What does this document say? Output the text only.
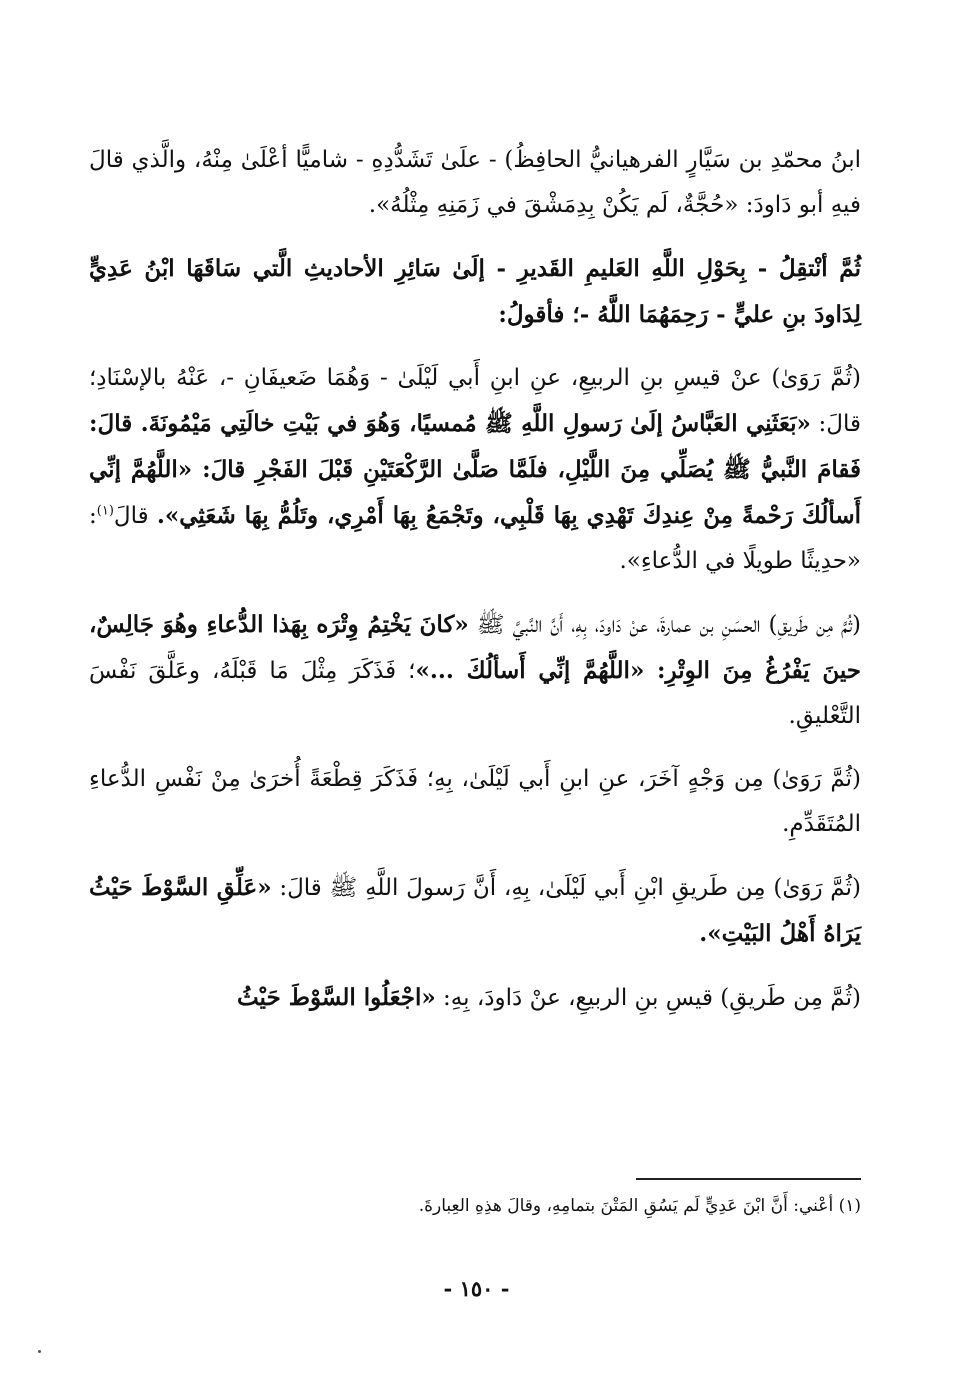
ابنُ محمّدِ بن سَيَّارٍ الفرهيانيُّ الحافِظُ) - علَىٰ تَشَدُّدِهِ - شاميًّا أعْلَىٰ مِنْهُ، والَّذي قالَ فيهِ أبو دَاودَ: «حُجَّةٌ، لَم يَكُنْ بِدِمَشْقَ في زَمَنِهِ مِثْلُهُ».

ثُمَّ أنْتقِلُ - بِحَوْلِ اللَّهِ العَليمِ القَديرِ - إلَىٰ سَائِرِ الأحاديثِ الَّتي سَاقَهَا ابْنُ عَدِيٍّ لِدَاودَ بنِ عليٍّ - رَحِمَهُمَا اللَّهُ -؛ فأقولُ:

(ثُمَّ رَوَىٰ) عنْ قيسِ بنِ الربيعِ، عنِ ابنِ أَبي لَيْلَىٰ - وَهُمَا ضَعيفَانِ -، عَنْهُ بالإسْنَادِ؛ قالَ: «بَعَثَنِي العَبَّاسُ إلَىٰ رَسولِ اللَّهِ ﷺ مُمسيًا، وَهُوَ في بَيْتِ خالَتِي مَيْمُونَةَ. قالَ: فَقامَ النَّبيُّ ﷺ يُصَلِّي مِنَ اللَّيْلِ، فلَمَّا صَلَّىٰ الرَّكْعَتَيْنِ قَبْلَ الفَجْرِ قالَ: «اللَّهُمَّ إنِّي أَسألُكَ رَحْمةً مِنْ عِندِكَ تَهْدِي بِهَا قَلْبِي، وتَجْمَعُ بِهَا أَمْرِي، وتَلُمُّ بِهَا شَعَثِي». قالَ$^{(١)}$: «حدِيثًا طويلًا في الدُّعاءِ».

(ثُمَّ مِن طَريقِ) الحسَنِ بن عمارةَ، عنْ دَاودَ، بِهِ، أَنَّ النَّبيَّ ﷺ «كانَ يَخْتِمُ وِتْرَه بِهَذا الدُّعاءِ وهُوَ جَالِسٌ، حينَ يَفْرُغُ مِنَ الوِتْرِ: «اللَّهُمَّ إنِّي أَسألُكَ ...»؛ فَذَكَرَ مِثْلَ مَا قَبْلَهُ، وعَلَّقَ نَفْسَ التَّعْليقِ.

(ثُمَّ رَوَىٰ) مِن وَجْهٍ آخَرَ، عنِ ابنِ أَبي لَيْلَىٰ، بِهِ؛ فَذَكَرَ قِطْعَةً أُخرَىٰ مِنْ نَفْسِ الدُّعاءِ المُتَقَدِّمِ.

(ثُمَّ رَوَىٰ) مِن طَريقِ ابْنِ أَبي لَيْلَىٰ، بِهِ، أَنَّ رَسولَ اللَّهِ ﷺ قالَ: «عَلِّقِ السَّوْطَ حَيْثُ يَرَاهُ أَهْلُ البَيْتِ».

(ثُمَّ مِن طَريقِ) قيسِ بنِ الربيعِ، عنْ دَاودَ، بِهِ: «اجْعَلُوا السَّوْطَ حَيْثُ

(١) أعْني: أَنَّ ابْنَ عَدِيٍّ لَم يَسُقِ المَتْنَ بتمامِهِ، وقالَ هذِهِ العِبارةَ.

- ١٥٠ -
